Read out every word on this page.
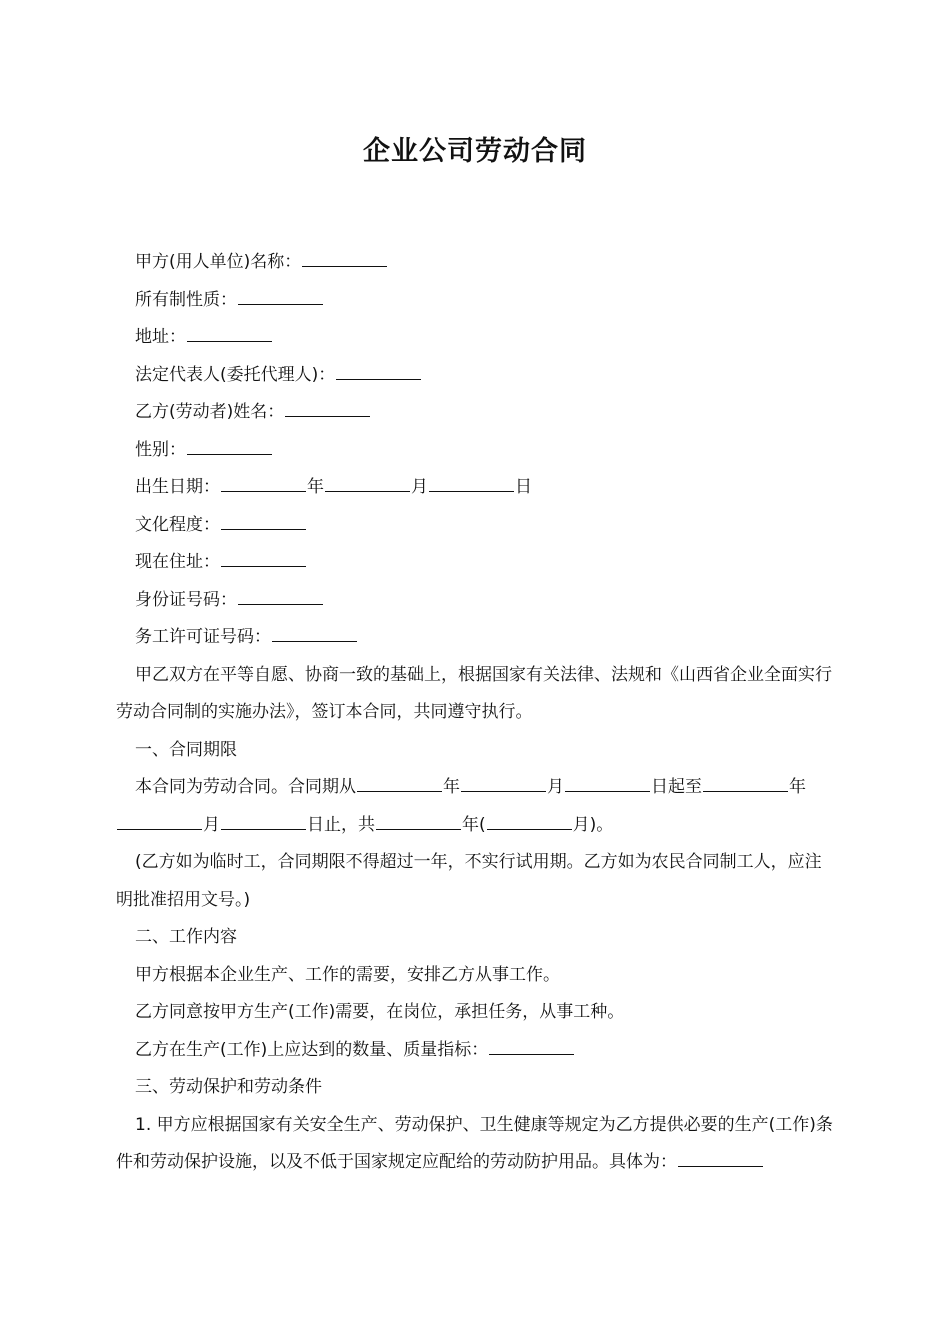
企业公司劳动合同
甲方(用人单位)名称：
所有制性质：
地址：
法定代表人(委托代理人)：
乙方(劳动者)姓名：
性别：
出生日期：	年	月	日
文化程度：
现在住址：
身份证号码：
务工许可证号码：
甲乙双方在平等自愿、协商一致的基础上，根据国家有关法律、法规和《山西省企业全面实行劳动合同制的实施办法》，签订本合同，共同遵守执行。
一、合同期限
本合同为劳动合同。合同期从	年	月	日起至	年月	日止，共	年(	月)。
(乙方如为临时工，合同期限不得超过一年，不实行试用期。乙方如为农民合同制工人，应注明批准招用文号。)
二、工作内容
甲方根据本企业生产、工作的需要，安排乙方从事工作。
乙方同意按甲方生产(工作)需要，在岗位，承担任务，从事工种。
乙方在生产(工作)上应达到的数量、质量指标：
三、劳动保护和劳动条件
1. 甲方应根据国家有关安全生产、劳动保护、卫生健康等规定为乙方提供必要的生产(工作)条件和劳动保护设施，以及不低于国家规定应配给的劳动防护用品。具体为：
